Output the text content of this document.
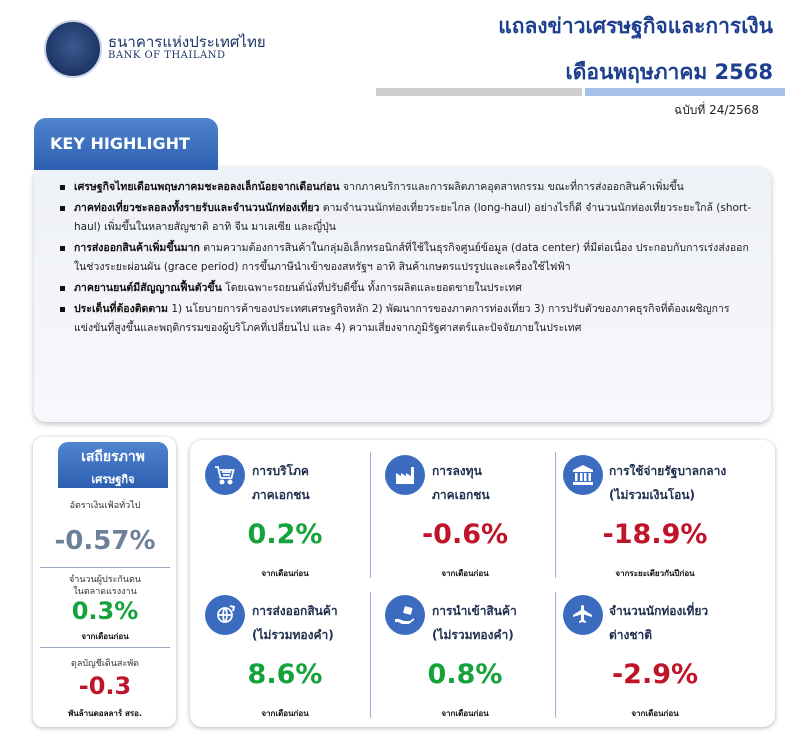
ธนาคารแห่งประเทศไทย
BANK OF THAILAND
แถลงข่าวเศรษฐกิจและการเงิน
เดือนพฤษภาคม 2568
ฉบับที่ 24/2568
KEY HIGHLIGHT
เศรษฐกิจไทยเดือนพฤษภาคมชะลอลงเล็กน้อยจากเดือนก่อน จากภาคบริการและการผลิตภาคอุตสาหกรรม ขณะที่การส่งออกสินค้าเพิ่มขึ้น
ภาคท่องเที่ยวชะลอลงทั้งรายรับและจำนวนนักท่องเที่ยว ตามจำนวนนักท่องเที่ยวระยะไกล (long-haul) อย่างไรก็ดี จำนวนนักท่องเที่ยวระยะใกล้ (short-haul) เพิ่มขึ้นในหลายสัญชาติ อาทิ จีน มาเลเซีย และญี่ปุ่น
การส่งออกสินค้าเพิ่มขึ้นมาก ตามความต้องการสินค้าในกลุ่มอิเล็กทรอนิกส์ที่ใช้ในธุรกิจศูนย์ข้อมูล (data center) ที่มีต่อเนื่อง ประกอบกับการเร่งส่งออกในช่วงระยะผ่อนผัน (grace period) การขึ้นภาษีนำเข้าของสหรัฐฯ อาทิ สินค้าเกษตรแปรรูปและเครื่องใช้ไฟฟ้า
ภาคยานยนต์มีสัญญาณฟื้นตัวขึ้น โดยเฉพาะรถยนต์นั่งที่ปรับดีขึ้น ทั้งการผลิตและยอดขายในประเทศ
ประเด็นที่ต้องติดตาม 1) นโยบายการค้าของประเทศเศรษฐกิจหลัก 2) พัฒนาการของภาคการท่องเที่ยว 3) การปรับตัวของภาคธุรกิจที่ต้องเผชิญการแข่งขันที่สูงขึ้นและพฤติกรรมของผู้บริโภคที่เปลี่ยนไป และ 4) ความเสี่ยงจากภูมิรัฐศาสตร์และปัจจัยภายในประเทศ
เสถียรภาพ
เศรษฐกิจ
อัตราเงินเฟ้อทั่วไป
-0.57%
จำนวนผู้ประกันตน
ในตลาดแรงงาน
0.3%
จากเดือนก่อน
ดุลบัญชีเดินสะพัด
-0.3
พันล้านดอลลาร์ สรอ.
การบริโภค
ภาคเอกชน
0.2%
จากเดือนก่อน
การลงทุน
ภาคเอกชน
-0.6%
จากเดือนก่อน
การใช้จ่ายรัฐบาลกลาง
(ไม่รวมเงินโอน)
-18.9%
จากระยะเดียวกันปีก่อน
การส่งออกสินค้า
(ไม่รวมทองคำ)
8.6%
จากเดือนก่อน
การนำเข้าสินค้า
(ไม่รวมทองคำ)
0.8%
จากเดือนก่อน
จำนวนนักท่องเที่ยว
ต่างชาติ
-2.9%
จากเดือนก่อน
